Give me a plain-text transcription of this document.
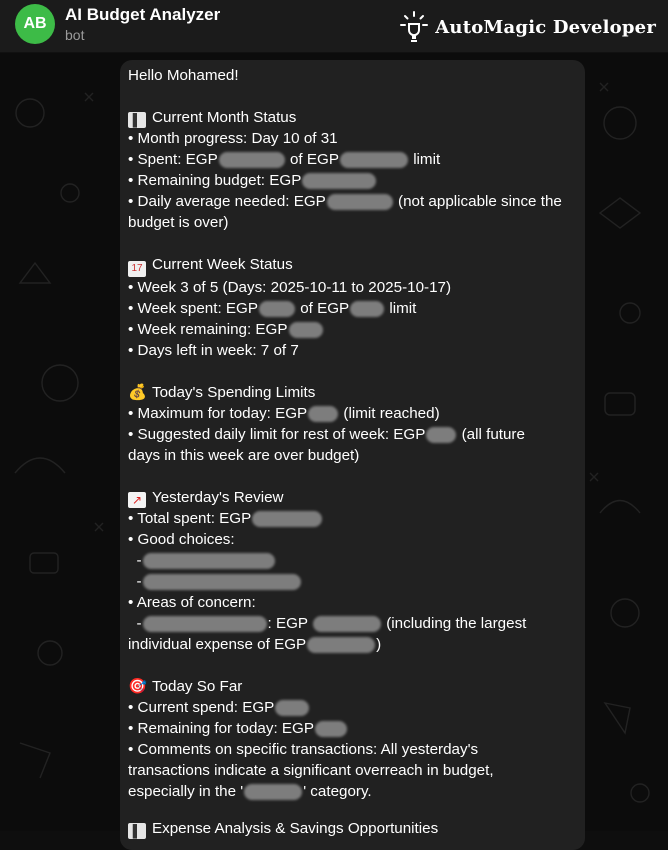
AB	AI Budget Analyzer
bot	AutoMagic Developer
Hello Mohamed!
▌ Current Month Status
• Month progress: Day 10 of 31
• Spent: EGP	of EGP	limit
• Remaining budget: EGP
• Daily average needed: EGP	(not applicable since the
budget is over)
17 Current Week Status
• Week 3 of 5 (Days: 2025-10-11 to 2025-10-17)
• Week spent: EGP	of EGP	limit
• Week remaining: EGP
• Days left in week: 7 of 7
💰 Today's Spending Limits
• Maximum for today: EGP (limit reached)
• Suggested daily limit for rest of week: EGP (all future
days in this week are over budget)
↗ Yesterday's Review
• Total spent: EGP
• Good choices:
-
-
• Areas of concern:
-	: EGP	(including the largest
individual expense of EGP	)
🎯 Today So Far
• Current spend: EGP
• Remaining for today: EGP
• Comments on specific transactions: All yesterday's
transactions indicate a significant overreach in budget,
especially in the '	' category.
▌ Expense Analysis & Savings Opportunities
